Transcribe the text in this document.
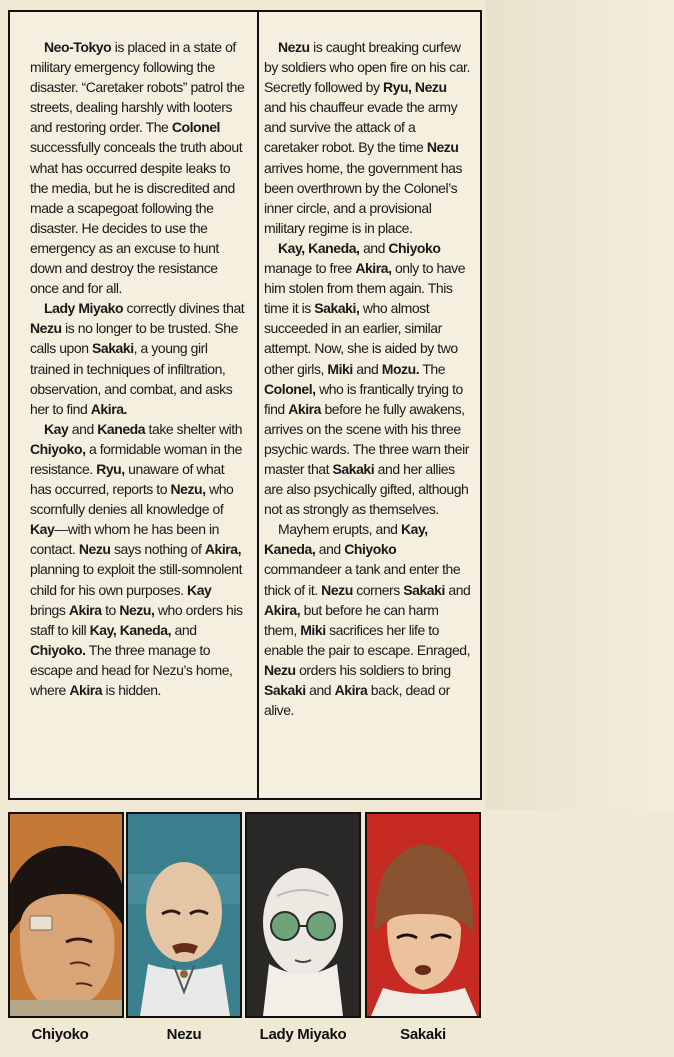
Neo-Tokyo is placed in a state of military emergency following the disaster. “Caretaker robots” patrol the streets, dealing harshly with looters and restoring order. The Colonel successfully conceals the truth about what has occurred despite leaks to the media, but he is discredited and made a scapegoat following the disaster. He decides to use the emergency as an excuse to hunt down and destroy the resistance once and for all.

Lady Miyako correctly divines that Nezu is no longer to be trusted. She calls upon Sakaki, a young girl trained in techniques of infiltration, observation, and combat, and asks her to find Akira.

Kay and Kaneda take shelter with Chiyoko, a formidable woman in the resistance. Ryu, unaware of what has occurred, reports to Nezu, who scornfully denies all knowledge of Kay—with whom he has been in contact. Nezu says nothing of Akira, planning to exploit the still-somnolent child for his own purposes. Kay brings Akira to Nezu, who orders his staff to kill Kay, Kaneda, and Chiyoko. The three manage to escape and head for Nezu’s home, where Akira is hidden.

Nezu is caught breaking curfew by soldiers who open fire on his car. Secretly followed by Ryu, Nezu and his chauffeur evade the army and survive the attack of a caretaker robot. By the time Nezu arrives home, the government has been overthrown by the Colonel’s inner circle, and a provisional military regime is in place.

Kay, Kaneda, and Chiyoko manage to free Akira, only to have him stolen from them again. This time it is Sakaki, who almost succeeded in an earlier, similar attempt. Now, she is aided by two other girls, Miki and Mozu. The Colonel, who is frantically trying to find Akira before he fully awakens, arrives on the scene with his three psychic wards. The three warn their master that Sakaki and her allies are also psychically gifted, although not as strongly as themselves.

Mayhem erupts, and Kay, Kaneda, and Chiyoko commandeer a tank and enter the thick of it. Nezu corners Sakaki and Akira, but before he can harm them, Miki sacrifices her life to enable the pair to escape. Enraged, Nezu orders his soldiers to bring Sakaki and Akira back, dead or alive.

Chiyoko	Nezu	Lady Miyako	Sakaki
